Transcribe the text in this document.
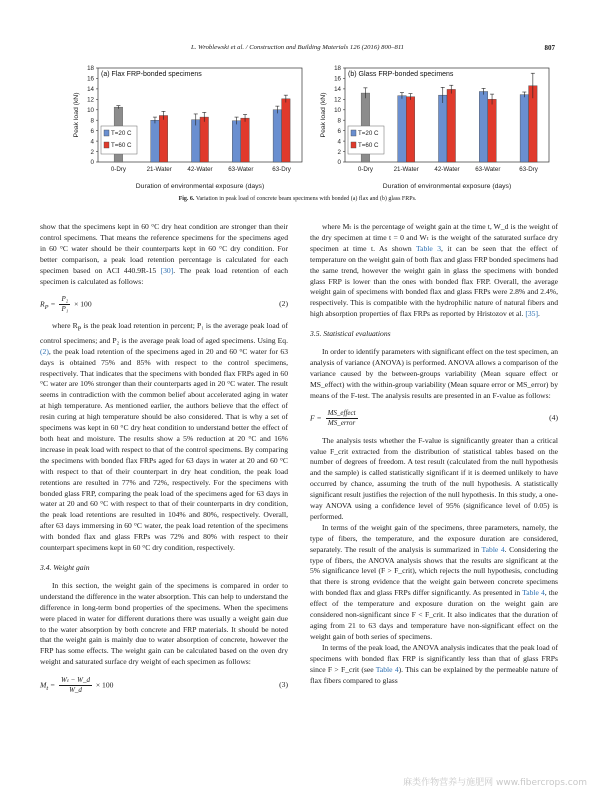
L. Wroblewski et al. / Construction and Building Materials 126 (2016) 800–811	807
0
2
4
6
8
10
12
14
16
18
Peak load (kN)
0-Dry	21-Water	42-Water	63-Water	63-Dry
Duration of environmental exposure (days)
(a) Flax FRP-bonded specimens
T=20 C
T=60 C
0
2
4
6
8
10
12
14
16
18
Peak load (kN)
0-Dry	21-Water	42-Water	63-Water	63-Dry
Duration of environmental exposure (days)
(b) Glass FRP-bonded specimens
T=20 C
T=60 C
Fig. 6. Variation in peak load of concrete beam specimens with bonded (a) flax and (b) glass FRPs.

show that the specimens kept in 60 °C dry heat condition are stronger than their control specimens. That means the reference specimens for the specimens aged in 60 °C water should be their counterparts kept in 60 °C dry condition. For better comparison, a peak load retention percentage is calculated for each specimen based on ACI 440.9R-15 [30]. The peak load retention of each specimen is calculated as follows:

$R_P = \frac{\text{P₂}}{\text{P₁}} \times 100$	(2)

where $R_P$ is the peak load retention in percent; P₁ is the average peak load of control specimens; and P₂ is the average peak load of aged specimens. Using Eq. (2), the peak load retention of the specimens aged in 20 and 60 °C water for 63 days is obtained 75% and 85% with respect to the control specimens, respectively. That indicates that the specimens with bonded flax FRPs aged in 60 °C water are 10% stronger than their counterparts aged in 20 °C water. The result seems in contradiction with the common belief about accelerated aging in water at high temperature. As mentioned earlier, the authors believe that the effect of resin curing at high temperature should be also considered. That is why a set of specimens was kept in 60 °C dry heat condition to understand better the effect of both heat and moisture. The results show a 5% reduction at 20 °C and 16% increase in peak load with respect to that of the control specimens. By comparing the specimens with bonded flax FRPs aged for 63 days in water at 20 and 60 °C with respect to that of their counterpart in dry heat condition, the peak load retentions are resulted in 77% and 72%, respectively. For the specimens with bonded glass FRP, comparing the peak load of the specimens aged for 63 days in water at 20 and 60 °C with respect to that of their counterparts in dry condition, the peak load retentions are resulted in 104% and 80%, respectively. Overall, after 63 days immersing in 60 °C water, the peak load retention of the specimens with bonded flax and glass FRPs was 72% and 80% with respect to their counterpart specimens kept in 60 °C dry condition, respectively.

3.4. Weight gain

In this section, the weight gain of the specimens is compared in order to understand the difference in the water absorption. This can help to understand the difference in long-term bond properties of the specimens. When the specimens were placed in water for different durations there was usually a weight gain due to the water absorption by both concrete and FRP materials. It should be noted that the weight gain is mainly due to water absorption of concrete, however the FRP has some effects. The weight gain can be calculated based on the oven dry weight and saturated surface dry weight of each specimen as follows:

$M_t = \frac{\text{Wₜ − W\_d}}{W\_d} \times 100$	(3)

where Mₜ is the percentage of weight gain at the time t, W_d is the weight of the dry specimen at time t = 0 and Wₜ is the weight of the saturated surface dry specimen at time t. As shown Table 3, it can be seen that the effect of temperature on the weight gain of both flax and glass FRP bonded specimens had the same trend, however the weight gain in glass the specimens with bonded glass FRP is lower than the ones with bonded flax FRP. Overall, the average weight gain of specimens with bonded flax and glass FRPs were 2.8% and 2.4%, respectively. This is compatible with the hydrophilic nature of natural fibers and high absorption properties of flax FRPs as reported by Hristozov et al. [35].

3.5. Statistical evaluations

In order to identify parameters with significant effect on the test specimen, an analysis of variance (ANOVA) is performed. ANOVA allows a comparison of the variance caused by the between-groups variability (Mean square effect or MS_effect) with the within-group variability (Mean square error or MS_error) by means of the F-test. The analysis results are presented in an F-value as follows:

$F = \frac{\text{MS\_effect}}{\text{MS\_error}}$	(4)

The analysis tests whether the F-value is significantly greater than a critical value F_crit extracted from the distribution of statistical tables based on the number of degrees of freedom. A test result (calculated from the null hypothesis and the sample) is called statistically significant if it is deemed unlikely to have occurred by chance, assuming the truth of the null hypothesis. A statistically significant result justifies the rejection of the null hypothesis. In this study, a one-way ANOVA using a confidence level of 95% (significance level of 0.05) is performed.

In terms of the weight gain of the specimens, three parameters, namely, the type of fibers, the temperature, and the exposure duration are considered, separately. The result of the analysis is summarized in Table 4. Considering the type of fibers, the ANOVA analysis shows that the results are significant at the 5% significance level (F > F_crit), which rejects the null hypothesis, concluding that there is strong evidence that the weight gain between concrete specimens with bonded flax and glass FRPs differ significantly. As presented in Table 4, the effect of the temperature and exposure duration on the weight gain are considered non-significant since F < F_crit. It also indicates that the duration of aging from 21 to 63 days and temperature have non-significant effect on the weight gain of both series of specimens.

In terms of the peak load, the ANOVA analysis indicates that the peak load of specimens with bonded flax FRP is significantly less than that of glass FRPs since F > F_crit (see Table 4). This can be explained by the permeable nature of flax fibers compared to glass

麻类作物营养与施肥网 www.fibercrops.com
